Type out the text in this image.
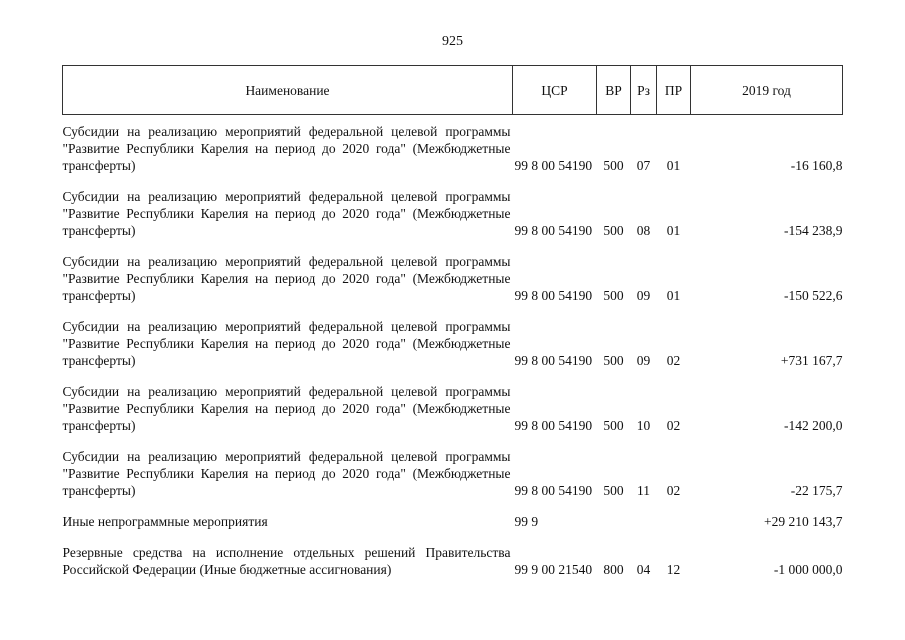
925
Наименование	ЦСР	ВР	Рз	ПР	2019 год
Субсидии на реализацию мероприятий федеральной целевой программы "Развитие Республики Карелия на период до 2020 года" (Межбюджетные трансферты)	99 8 00 54190	500	07	01	-16 160,8
Субсидии на реализацию мероприятий федеральной целевой программы "Развитие Республики Карелия на период до 2020 года" (Межбюджетные трансферты)	99 8 00 54190	500	08	01	-154 238,9
Субсидии на реализацию мероприятий федеральной целевой программы "Развитие Республики Карелия на период до 2020 года" (Межбюджетные трансферты)	99 8 00 54190	500	09	01	-150 522,6
Субсидии на реализацию мероприятий федеральной целевой программы "Развитие Республики Карелия на период до 2020 года" (Межбюджетные трансферты)	99 8 00 54190	500	09	02	+731 167,7
Субсидии на реализацию мероприятий федеральной целевой программы "Развитие Республики Карелия на период до 2020 года" (Межбюджетные трансферты)	99 8 00 54190	500	10	02	-142 200,0
Субсидии на реализацию мероприятий федеральной целевой программы "Развитие Республики Карелия на период до 2020 года" (Межбюджетные трансферты)	99 8 00 54190	500	11	02	-22 175,7
Иные непрограммные мероприятия	99 9				+29 210 143,7
Резервные средства на исполнение отдельных решений Правительства Российской Федерации (Иные бюджетные ассигнования)	99 9 00 21540	800	04	12	-1 000 000,0
